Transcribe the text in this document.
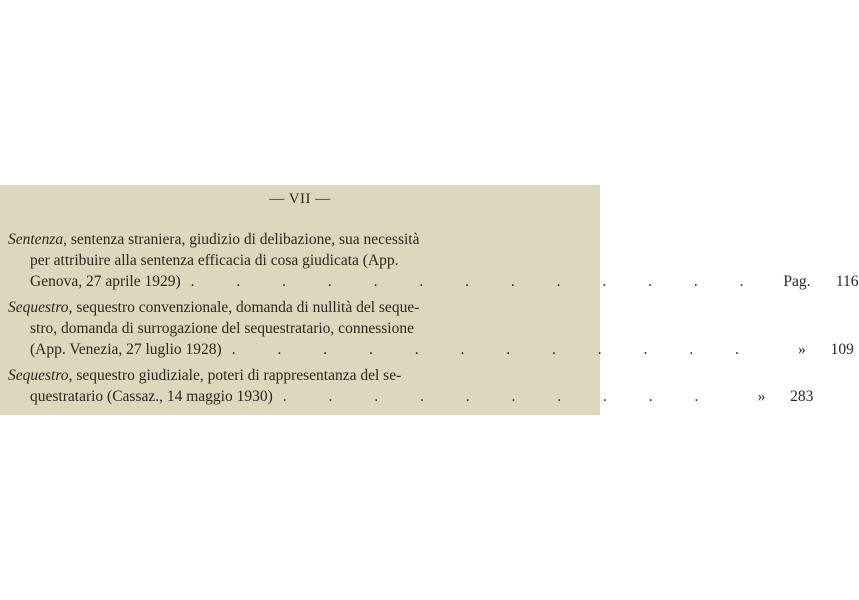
— VII —
Sentenza, sentenza straniera, giudizio di delibazione, sua necessità
per attribuire alla sentenza efficacia di cosa giudicata (App.
Genova, 27 aprile 1929) . . . . . . . . . . . . .	Pag.	116
Sequestro, sequestro convenzionale, domanda di nullità del seque-
stro, domanda di surrogazione del sequestratario, connessione
(App. Venezia, 27 luglio 1928) . . . . . . . . . . . .	»	109
Sequestro, sequestro giudiziale, poteri di rappresentanza del se-
questratario (Cassaz., 14 maggio 1930) . . . . . . . . . .	»	283
